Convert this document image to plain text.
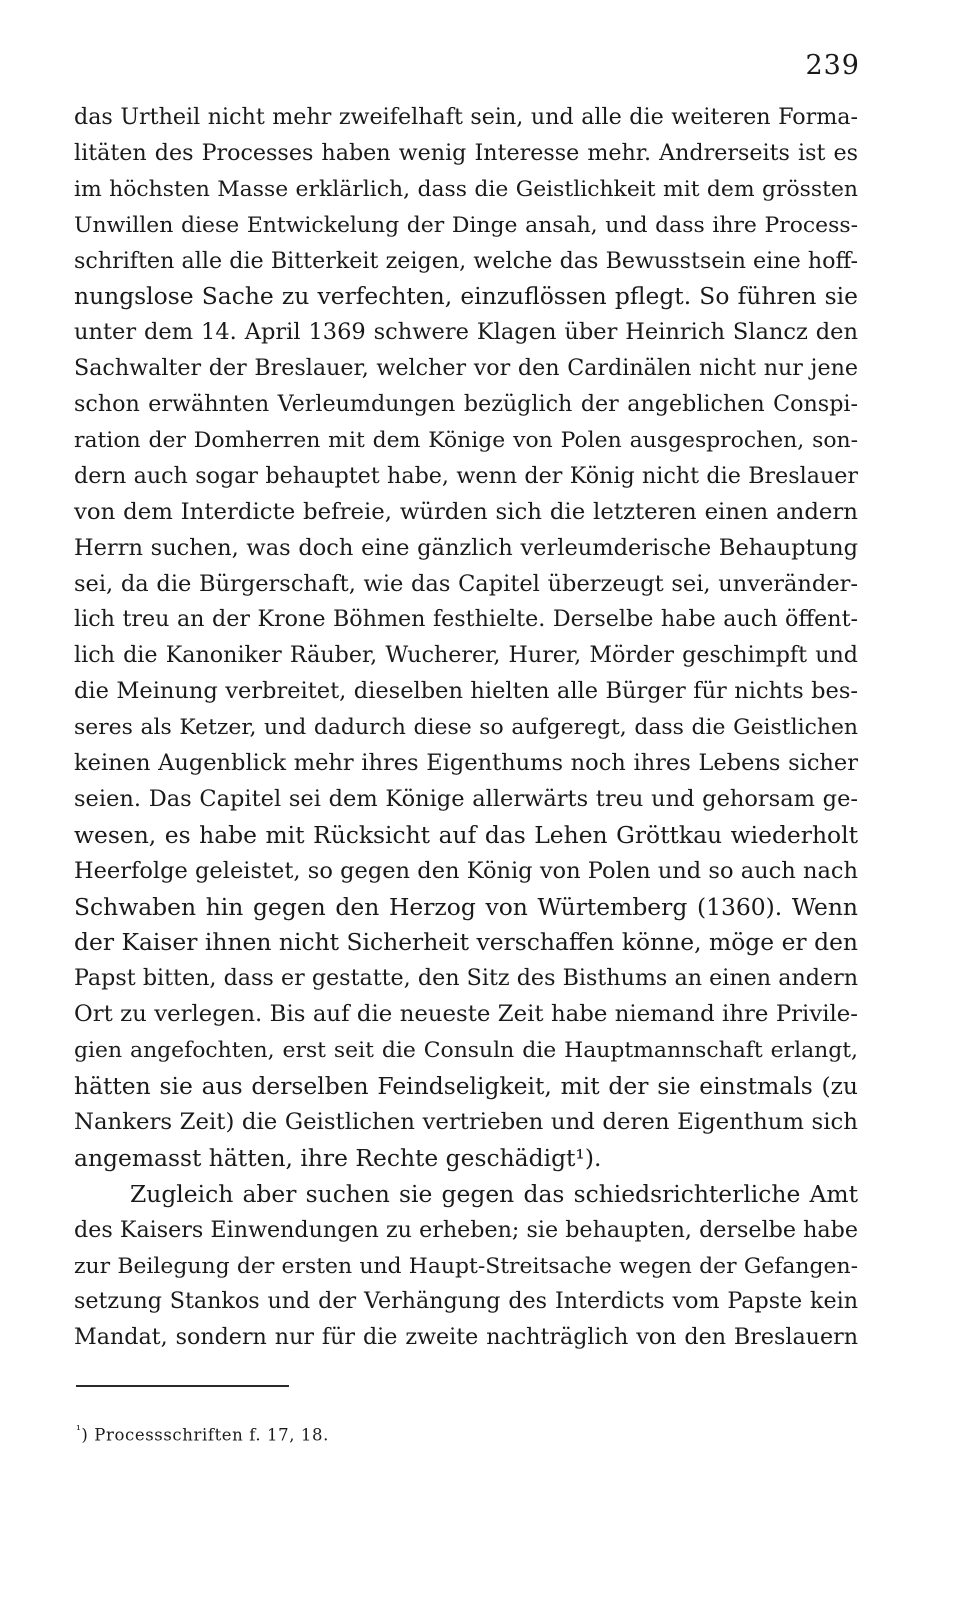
239
das Urtheil nicht mehr zweifelhaft sein, und alle die weiteren Forma-
litäten des Processes haben wenig Interesse mehr. Andrerseits ist es
im höchsten Masse erklärlich, dass die Geistlichkeit mit dem grössten
Unwillen diese Entwickelung der Dinge ansah, und dass ihre Process-
schriften alle die Bitterkeit zeigen, welche das Bewusstsein eine hoff-
nungslose Sache zu verfechten, einzuflössen pflegt. So führen sie
unter dem 14. April 1369 schwere Klagen über Heinrich Slancz den
Sachwalter der Breslauer, welcher vor den Cardinälen nicht nur jene
schon erwähnten Verleumdungen bezüglich der angeblichen Conspi-
ration der Domherren mit dem Könige von Polen ausgesprochen, son-
dern auch sogar behauptet habe, wenn der König nicht die Breslauer
von dem Interdicte befreie, würden sich die letzteren einen andern
Herrn suchen, was doch eine gänzlich verleumderische Behauptung
sei, da die Bürgerschaft, wie das Capitel überzeugt sei, unveränder-
lich treu an der Krone Böhmen festhielte. Derselbe habe auch öffent-
lich die Kanoniker Räuber, Wucherer, Hurer, Mörder geschimpft und
die Meinung verbreitet, dieselben hielten alle Bürger für nichts bes-
seres als Ketzer, und dadurch diese so aufgeregt, dass die Geistlichen
keinen Augenblick mehr ihres Eigenthums noch ihres Lebens sicher
seien. Das Capitel sei dem Könige allerwärts treu und gehorsam ge-
wesen, es habe mit Rücksicht auf das Lehen Gröttkau wiederholt
Heerfolge geleistet, so gegen den König von Polen und so auch nach
Schwaben hin gegen den Herzog von Würtemberg (1360). Wenn
der Kaiser ihnen nicht Sicherheit verschaffen könne, möge er den
Papst bitten, dass er gestatte, den Sitz des Bisthums an einen andern
Ort zu verlegen. Bis auf die neueste Zeit habe niemand ihre Privile-
gien angefochten, erst seit die Consuln die Hauptmannschaft erlangt,
hätten sie aus derselben Feindseligkeit, mit der sie einstmals (zu
Nankers Zeit) die Geistlichen vertrieben und deren Eigenthum sich
angemasst hätten, ihre Rechte geschädigt¹).
Zugleich aber suchen sie gegen das schiedsrichterliche Amt
des Kaisers Einwendungen zu erheben; sie behaupten, derselbe habe
zur Beilegung der ersten und Haupt-Streitsache wegen der Gefangen-
setzung Stankos und der Verhängung des Interdicts vom Papste kein
Mandat, sondern nur für die zweite nachträglich von den Breslauern
$^{^1}$) Processschriften f. 17, 18.
